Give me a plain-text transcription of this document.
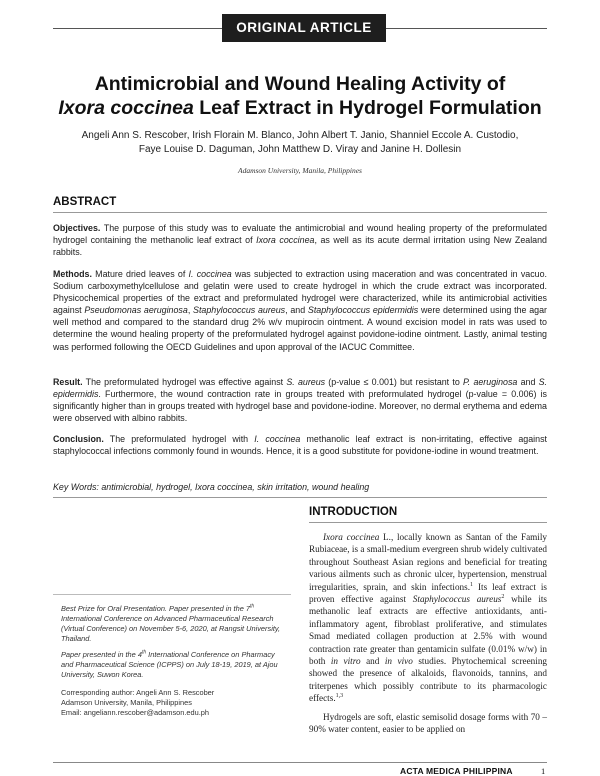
ORIGINAL ARTICLE
Antimicrobial and Wound Healing Activity of
Ixora coccinea Leaf Extract in Hydrogel Formulation
Angeli Ann S. Rescober, Irish Florain M. Blanco, John Albert T. Janio, Shanniel Eccole A. Custodio,
Faye Louise D. Daguman, John Matthew D. Viray and Janine H. Dollesin
Adamson University, Manila, Philippines
ABSTRACT

Objectives. The purpose of this study was to evaluate the antimicrobial and wound healing property of the preformulated hydrogel containing the methanolic leaf extract of Ixora coccinea, as well as its acute dermal irritation using New Zealand rabbits.

Methods. Mature dried leaves of I. coccinea was subjected to extraction using maceration and was concentrated in vacuo. Sodium carboxymethylcellulose and gelatin were used to create hydrogel in which the crude extract was incorporated. Physicochemical properties of the extract and preformulated hydrogel were characterized, while its antimicrobial activities against Pseudomonas aeruginosa, Staphylococcus aureus, and Staphylococcus epidermidis were determined using the agar well method and compared to the standard drug 2% w/v mupirocin ointment. A wound excision model in rats was used to determine the wound healing property of the preformulated hydrogel against povidone-iodine ointment. Lastly, animal testing was performed following the OECD Guidelines and upon approval of the IACUC Committee.

Result. The preformulated hydrogel was effective against S. aureus (p-value ≤ 0.001) but resistant to P. aeruginosa and S. epidermidis. Furthermore, the wound contraction rate in groups treated with preformulated hydrogel (p-value = 0.006) is significantly higher than in groups treated with hydrogel base and povidone-iodine. Moreover, no dermal erythema and edema were observed with albino rabbits.

Conclusion. The preformulated hydrogel with I. coccinea methanolic leaf extract is non-irritating, effective against staphylococcal infections commonly found in wounds. Hence, it is a good substitute for povidone-iodine in wound treatment.

Key Words: antimicrobial, hydrogel, Ixora coccinea, skin irritation, wound healing

Best Prize for Oral Presentation. Paper presented in the 7th International Conference on Advanced Pharmaceutical Research (Virtual Conference) on November 5-6, 2020, at Rangsit University, Thailand.

Paper presented in the 4th International Conference on Pharmacy and Pharmaceutical Science (ICPPS) on July 18-19, 2019, at Ajou University, Suwon Korea.

Corresponding author: Angeli Ann S. Rescober
Adamson University, Manila, Philippines
Email: angeliann.rescober@adamson.edu.ph
INTRODUCTION

Ixora coccinea L., locally known as Santan of the Family Rubiaceae, is a small-medium evergreen shrub widely cultivated throughout Southeast Asian regions and beneficial for treating various ailments such as chronic ulcer, hypertension, menstrual irregularities, sprain, and skin infections.$^1$ Its leaf extract is proven effective against Staphylococcus aureus$^2$ while its methanolic leaf extracts are effective antioxidants, anti-inflammatory agent, fibroblast proliferative, and stimulates Smad mediated collagen production at 2.5% with wound contraction rate greater than gentamicin sulfate (0.01% w/w) in both in vitro and in vivo studies. Phytochemical screening showed the presence of alkaloids, flavonoids, tannins, and triterpenes which possibly contribute to its pharmacologic effects.$^{1,3}$

Hydrogels are soft, elastic semisolid dosage forms with 70 – 90% water content, easier to be applied on

ACTA MEDICA PHILIPPINA	1
